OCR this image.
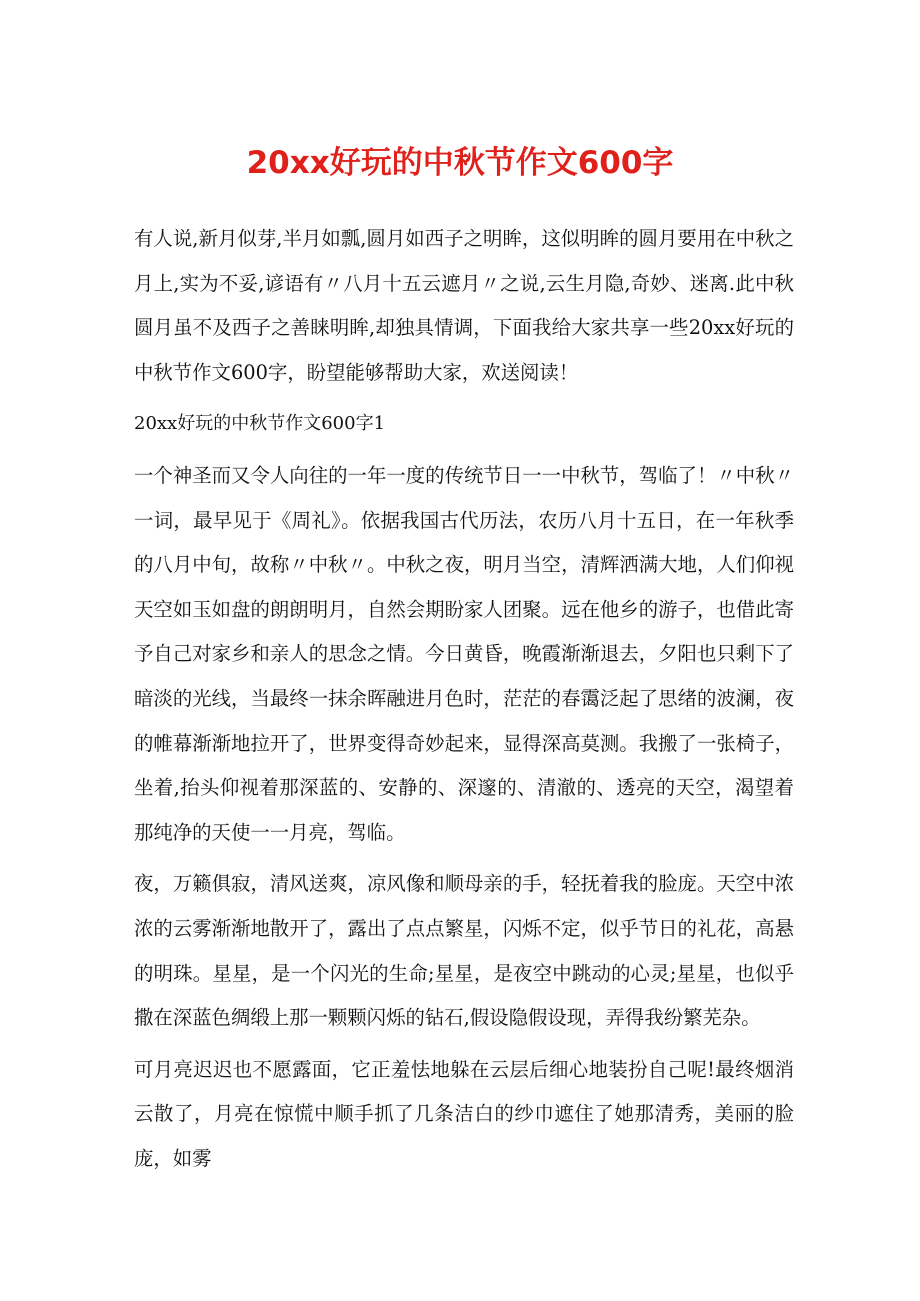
20xx好玩的中秋节作文600字

有人说,新月似芽,半月如瓢,圆月如西子之明眸，这似明眸的圆月要用在中秋之月上,实为不妥,谚语有〃八月十五云遮月〃之说,云生月隐,奇妙、迷离.此中秋圆月虽不及西子之善睐明眸,却独具情调，下面我给大家共享一些20xx好玩的中秋节作文600字，盼望能够帮助大家，欢送阅读！

20xx好玩的中秋节作文600字1

一个神圣而又令人向往的一年一度的传统节日一一中秋节，驾临了！〃中秋〃一词，最早见于《周礼》。依据我国古代历法，农历八月十五日，在一年秋季的八月中旬，故称〃中秋〃。中秋之夜，明月当空，清辉洒满大地，人们仰视天空如玉如盘的朗朗明月，自然会期盼家人团聚。远在他乡的游子，也借此寄予自己对家乡和亲人的思念之情。今日黄昏，晚霞渐渐退去，夕阳也只剩下了暗淡的光线，当最终一抹余晖融进月色时，茫茫的春霭泛起了思绪的波澜，夜的帷幕渐渐地拉开了，世界变得奇妙起来，显得深高莫测。我搬了一张椅子，坐着,抬头仰视着那深蓝的、安静的、深邃的、清澈的、透亮的天空，渴望着那纯净的天使一一月亮，驾临。

夜，万籁俱寂，清风送爽，凉风像和顺母亲的手，轻抚着我的脸庞。天空中浓浓的云雾渐渐地散开了，露出了点点繁星，闪烁不定，似乎节日的礼花，高悬的明珠。星星，是一个闪光的生命;星星，是夜空中跳动的心灵;星星，也似乎撒在深蓝色绸缎上那一颗颗闪烁的钻石,假设隐假设现，弄得我纷繁芜杂。

可月亮迟迟也不愿露面，它正羞怯地躲在云层后细心地装扮自己呢!最终烟消云散了，月亮在惊慌中顺手抓了几条洁白的纱巾遮住了她那清秀，美丽的脸庞，如雾
